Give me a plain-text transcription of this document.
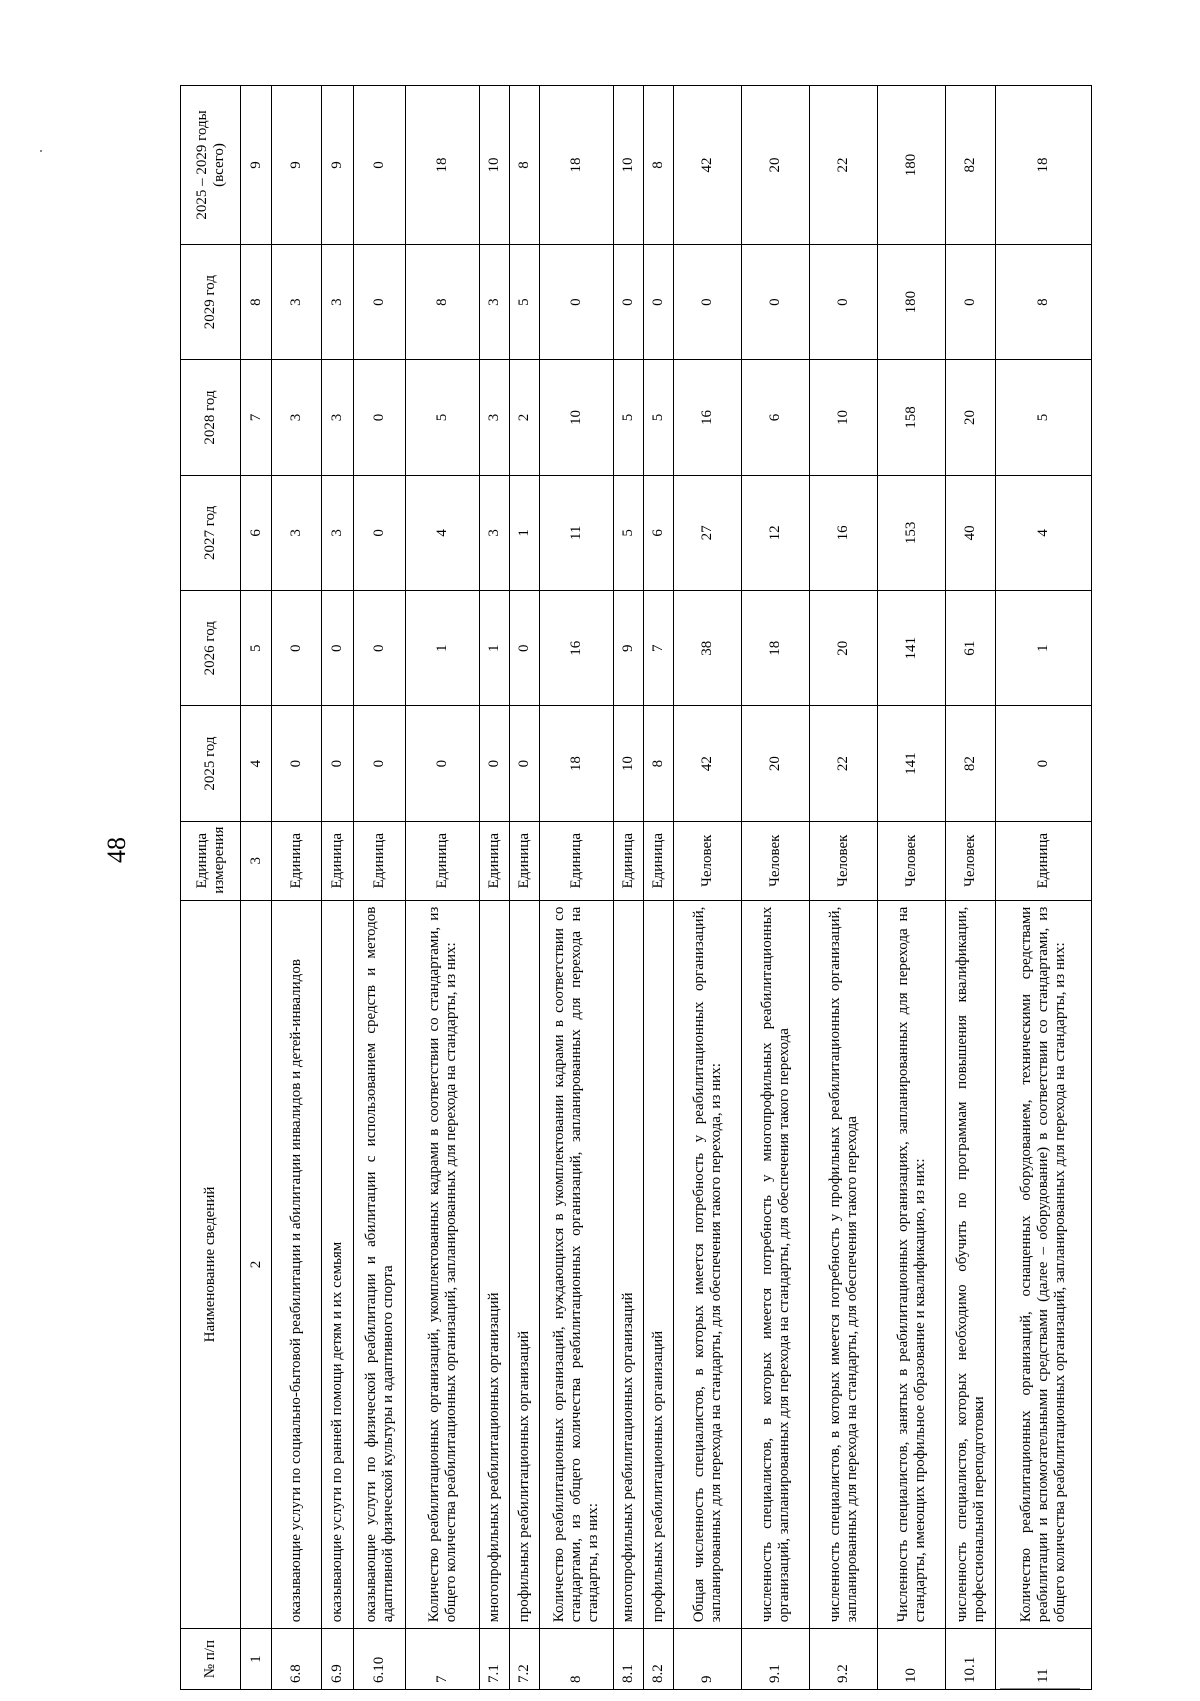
48
№ п/п	Наименование сведений	Единица измерения	2025 год	2026 год	2027 год	2028 год	2029 год	2025 – 2029 годы (всего)
1	2	3	4	5	6	7	8	9
6.8	оказывающие услуги по социально-бытовой реабилитации и абилитации инвалидов и детей-инвалидов	Единица	0	0	3	3	3	9
6.9	оказывающие услуги по ранней помощи детям и их семьям	Единица	0	0	3	3	3	9
6.10	оказывающие услуги по физической реабилитации и абилитации с использованием средств и методов адаптивной физической культуры и адаптивного спорта	Единица	0	0	0	0	0	0
7	Количество реабилитационных организаций, укомплектованных кадрами в соответствии со стандартами, из общего количества реабилитационных организаций, запланированных для перехода на стандарты, из них:	Единица	0	1	4	5	8	18
7.1	многопрофильных реабилитационных организаций	Единица	0	1	3	3	3	10
7.2	профильных реабилитационных организаций	Единица	0	0	1	2	5	8
8	Количество реабилитационных организаций, нуждающихся в укомплектовании кадрами в соответствии со стандартами, из общего количества реабилитационных организаций, запланированных для перехода на стандарты, из них:	Единица	18	16	11	10	0	18
8.1	многопрофильных реабилитационных организаций	Единица	10	9	5	5	0	10
8.2	профильных реабилитационных организаций	Единица	8	7	6	5	0	8
9	Общая численность специалистов, в которых имеется потребность у реабилитационных организаций, запланированных для перехода на стандарты, для обеспечения такого перехода, из них:	Человек	42	38	27	16	0	42
9.1	численность специалистов, в которых имеется потребность у многопрофильных реабилитационных организаций, запланированных для перехода на стандарты, для обеспечения такого перехода	Человек	20	18	12	6	0	20
9.2	численность специалистов, в которых имеется потребность у профильных реабилитационных организаций, запланированных для перехода на стандарты, для обеспечения такого перехода	Человек	22	20	16	10	0	22
10	Численность специалистов, занятых в реабилитационных организациях, запланированных для перехода на стандарты, имеющих профильное образование и квалификацию, из них:	Человек	141	141	153	158	180	180
10.1	численность специалистов, которых необходимо обучить по программам повышения квалификации, профессиональной переподготовки	Человек	82	61	40	20	0	82
11	Количество реабилитационных организаций, оснащенных оборудованием, техническими средствами реабилитации и вспомогательными средствами (далее – оборудование) в соответствии со стандартами, из общего количества реабилитационных организаций, запланированных для перехода на стандарты, из них:	Единица	0	1	4	5	8	18
